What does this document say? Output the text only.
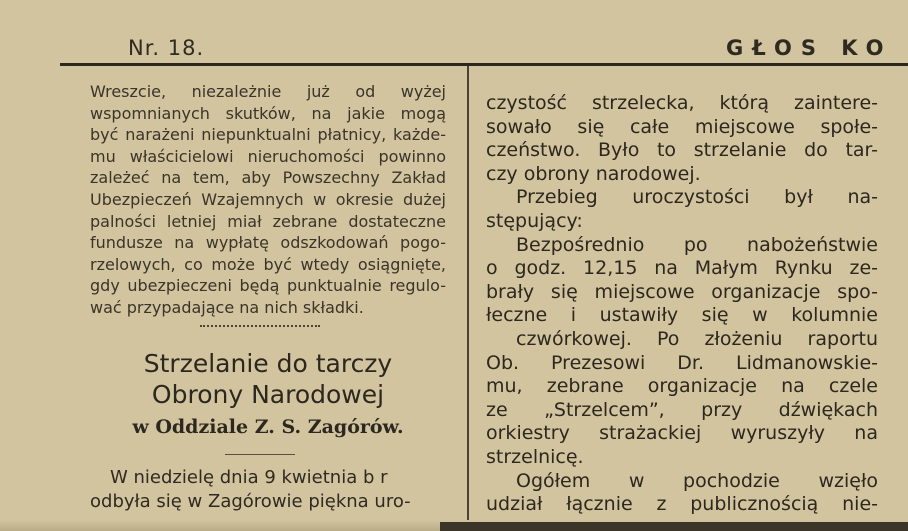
Nr. 18.	GŁOS KO
Wreszcie, niezależnie już od wyżej
wspomnianych skutków, na jakie mogą
być narażeni niepunktualni płatnicy, każde-
mu właścicielowi nieruchomości powinno
zależeć na tem, aby Powszechny Zakład
Ubezpieczeń Wzajemnych w okresie dużej
palności letniej miał zebrane dostateczne
fundusze na wypłatę odszkodowań pogo-
rzelowych, co może być wtedy osiągnięte,
gdy ubezpieczeni będą punktualnie regulo-
wać przypadające na nich składki.
Strzelanie do tarczy
Obrony Narodowej
w Oddziale Z. S. Zagórów.
W niedzielę dnia 9 kwietnia b r
odbyła się w Zagórowie piękna uro-
czystość strzelecka, którą zaintere-
sowało się całe miejscowe społe-
czeństwo. Było to strzelanie do tar-
czy obrony narodowej.
Przebieg uroczystości był na-
stępujący:
Bezpośrednio po nabożeństwie
o godz. 12,15 na Małym Rynku ze-
brały się miejscowe organizacje spo-
łeczne i ustawiły się w kolumnie
czwórkowej. Po złożeniu raportu
Ob. Prezesowi Dr. Lidmanowskie-
mu, zebrane organizacje na czele
ze „Strzelcem”, przy dźwiękach
orkiestry strażackiej wyruszyły na
strzelnicę.
Ogółem w pochodzie wzięło
udział łącznie z publicznością nie-
